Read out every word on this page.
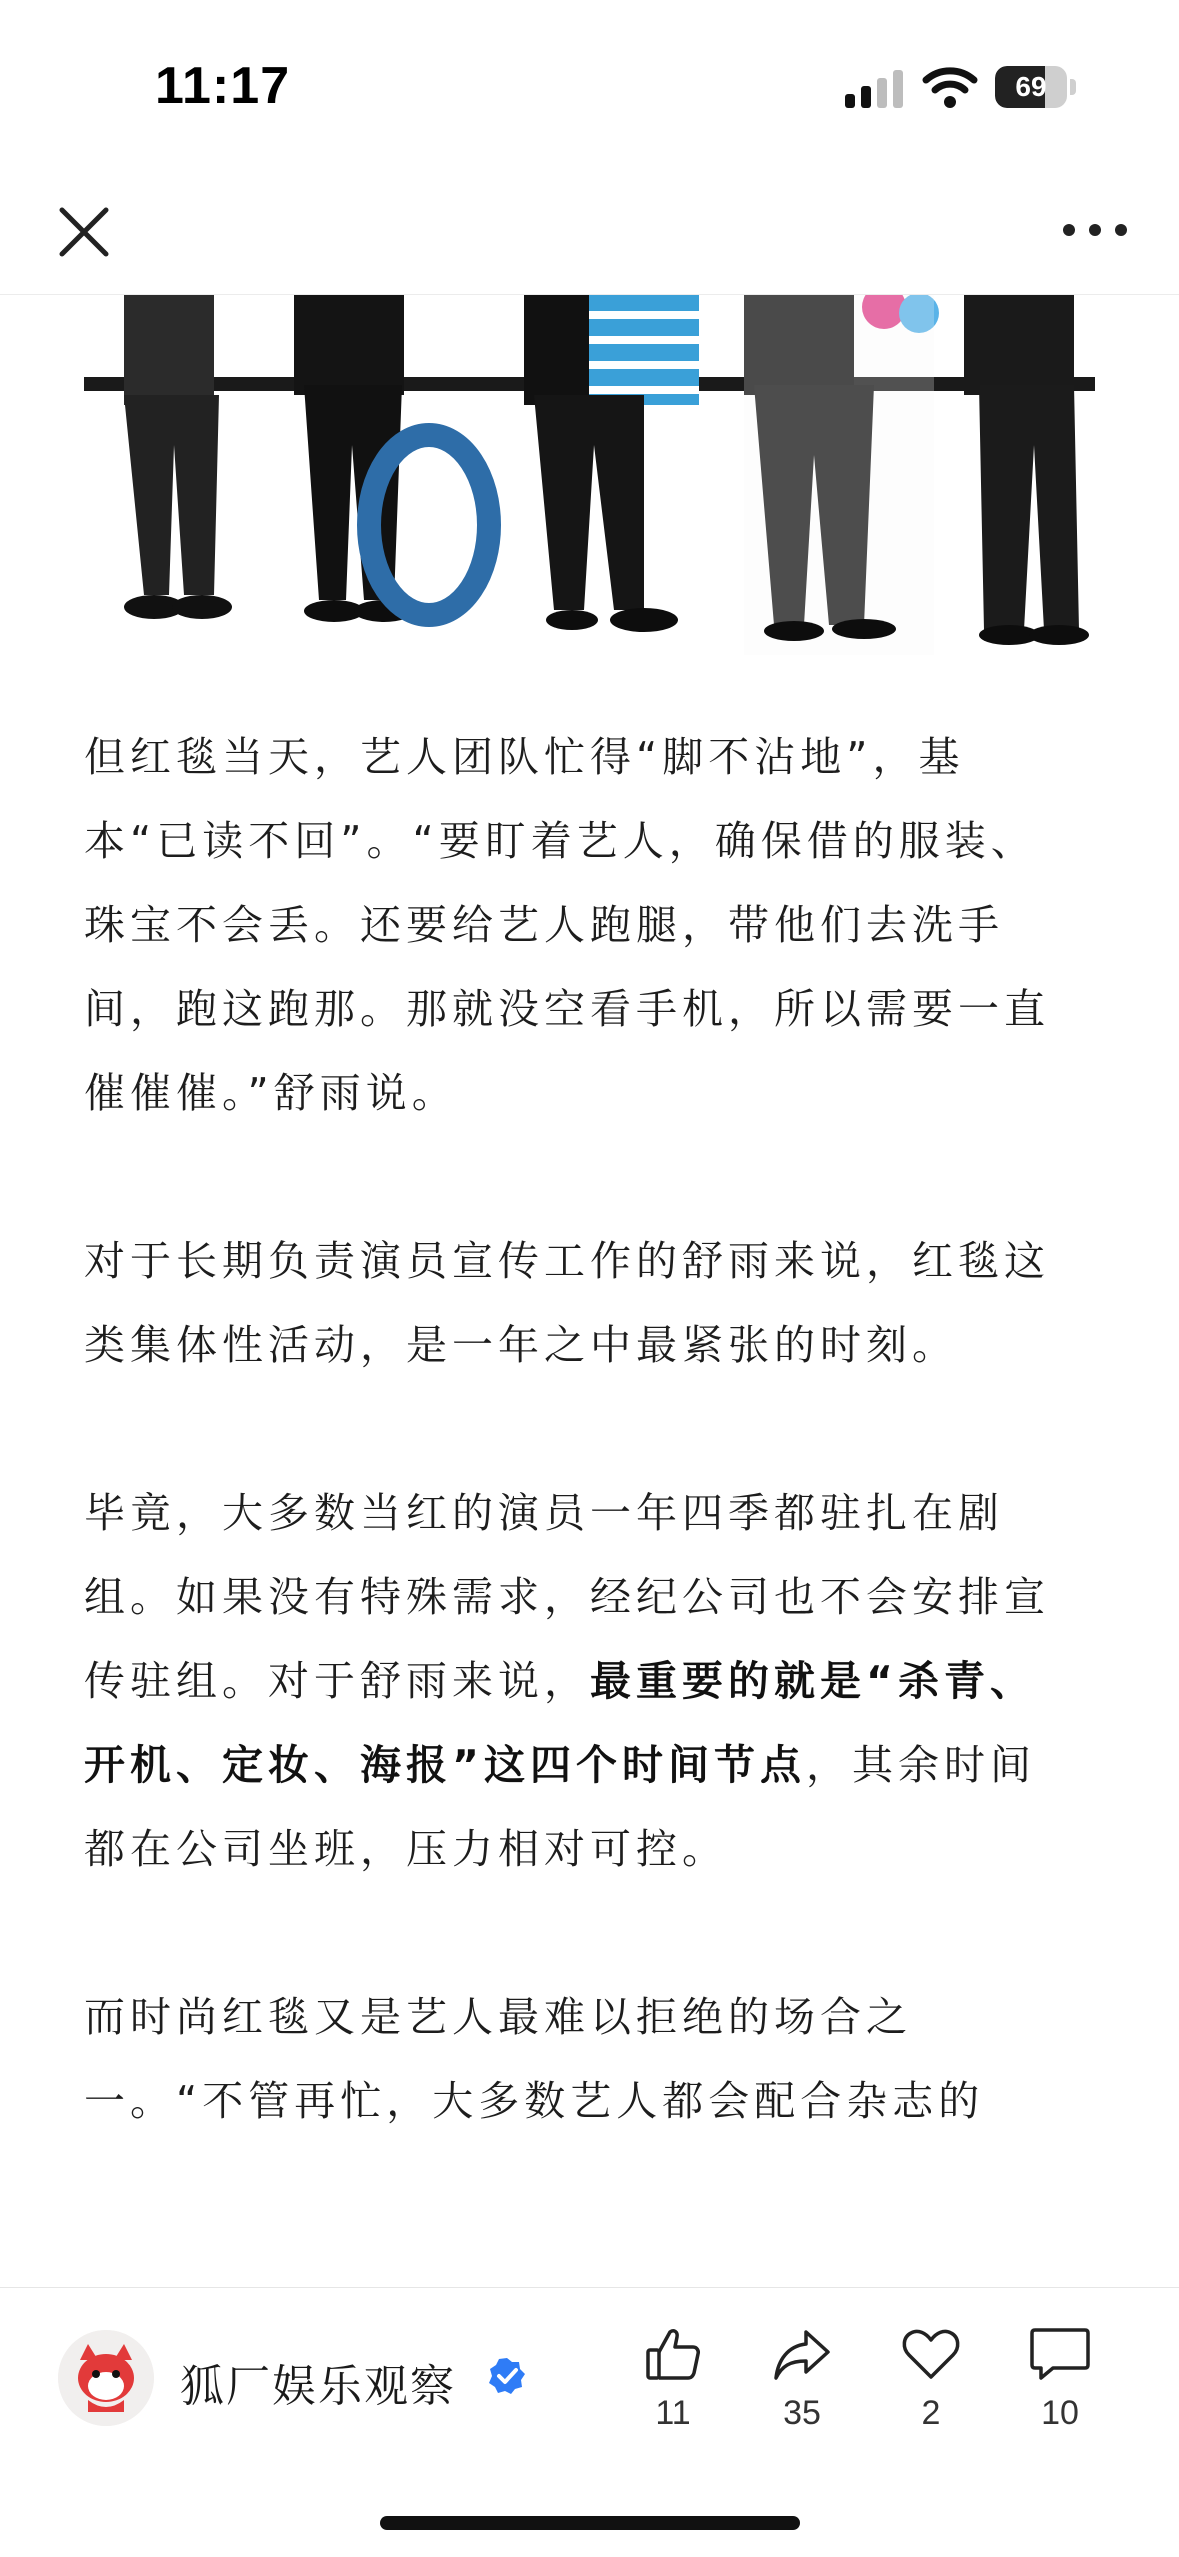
11:17	69

但红毯当天，艺人团队忙得“脚不沾地”，基本“已读不回”。“要盯着艺人，确保借的服装、珠宝不会丢。还要给艺人跑腿，带他们去洗手间，跑这跑那。那就没空看手机，所以需要一直催催催。”舒雨说。

对于长期负责演员宣传工作的舒雨来说，红毯这类集体性活动，是一年之中最紧张的时刻。

毕竟，大多数当红的演员一年四季都驻扎在剧组。如果没有特殊需求，经纪公司也不会安排宣传驻组。对于舒雨来说，最重要的就是“杀青、开机、定妆、海报”这四个时间节点，其余时间都在公司坐班，压力相对可控。

而时尚红毯又是艺人最难以拒绝的场合之一。“不管再忙，大多数艺人都会配合杂志的

狐厂娱乐观察
11	35	2	10
